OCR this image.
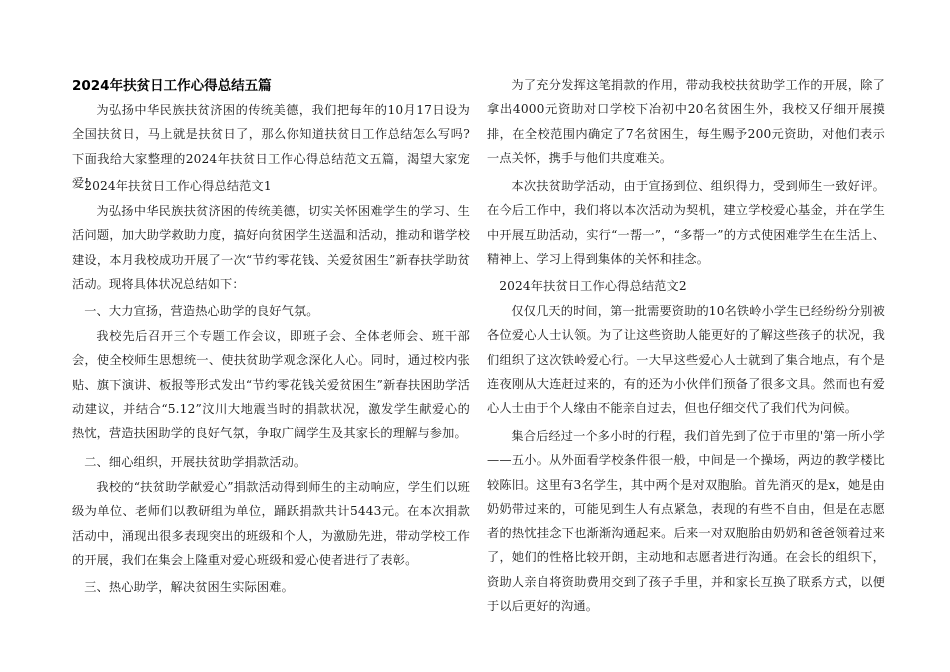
2024年扶贫日工作心得总结五篇

为弘扬中华民族扶贫济困的传统美德，我们把每年的10月17日设为全国扶贫日，马上就是扶贫日了，那么你知道扶贫日工作总结怎么写吗?下面我给大家整理的2024年扶贫日工作心得总结范文五篇，渴望大家宠爱!

2024年扶贫日工作心得总结范文1

为弘扬中华民族扶贫济困的传统美德，切实关怀困难学生的学习、生活问题，加大助学救助力度，搞好向贫困学生送温和活动，推动和谐学校建设，本月我校成功开展了一次“节约零花钱、关爱贫困生”新春扶学助贫活动。现将具体状况总结如下：

一、大力宣扬，营造热心助学的良好气氛。

我校先后召开三个专题工作会议，即班子会、全体老师会、班干部会，使全校师生思想统一、使扶贫助学观念深化人心。同时，通过校内张贴、旗下演讲、板报等形式发出“节约零花钱关爱贫困生”新春扶困助学活动建议，并结合“5.12”汶川大地震当时的捐款状况，激发学生献爱心的热忱，营造扶困助学的良好气氛，争取广阔学生及其家长的理解与参加。

二、细心组织，开展扶贫助学捐款活动。

我校的“扶贫助学献爱心”捐款活动得到师生的主动响应，学生们以班级为单位、老师们以教研组为单位，踊跃捐款共计5443元。在本次捐款活动中，涌现出很多表现突出的班级和个人，为激励先进，带动学校工作的开展，我们在集会上隆重对爱心班级和爱心使者进行了表彰。

三、热心助学，解决贫困生实际困难。

为了充分发挥这笔捐款的作用，带动我校扶贫助学工作的开展，除了拿出4000元资助对口学校下冶初中20名贫困生外，我校又仔细开展摸排，在全校范围内确定了7名贫困生，每生赐予200元资助，对他们表示一点关怀，携手与他们共度难关。

本次扶贫助学活动，由于宣扬到位、组织得力，受到师生一致好评。在今后工作中，我们将以本次活动为契机，建立学校爱心基金，并在学生中开展互助活动，实行“一帮一”，“多帮一”的方式使困难学生在生活上、精神上、学习上得到集体的关怀和挂念。

2024年扶贫日工作心得总结范文2

仅仅几天的时间，第一批需要资助的10名铁岭小学生已经纷纷分别被各位爱心人士认领。为了让这些资助人能更好的了解这些孩子的状况，我们组织了这次铁岭爱心行。一大早这些爱心人士就到了集合地点，有个是连夜刚从大连赶过来的，有的还为小伙伴们预备了很多文具。然而也有爱心人士由于个人缘由不能亲自过去，但也仔细交代了我们代为问候。

集合后经过一个多小时的行程，我们首先到了位于市里的'第一所小学——五小。从外面看学校条件很一般，中间是一个操场，两边的教学楼比较陈旧。这里有3名学生，其中两个是对双胞胎。首先消灭的是x，她是由奶奶带过来的，可能见到生人有点紧急，表现的有些不自由，但是在志愿者的热忱挂念下也渐渐沟通起来。后来一对双胞胎由奶奶和爸爸领着过来了，她们的性格比较开朗，主动地和志愿者进行沟通。在会长的组织下，资助人亲自将资助费用交到了孩子手里，并和家长互换了联系方式，以便于以后更好的沟通。
